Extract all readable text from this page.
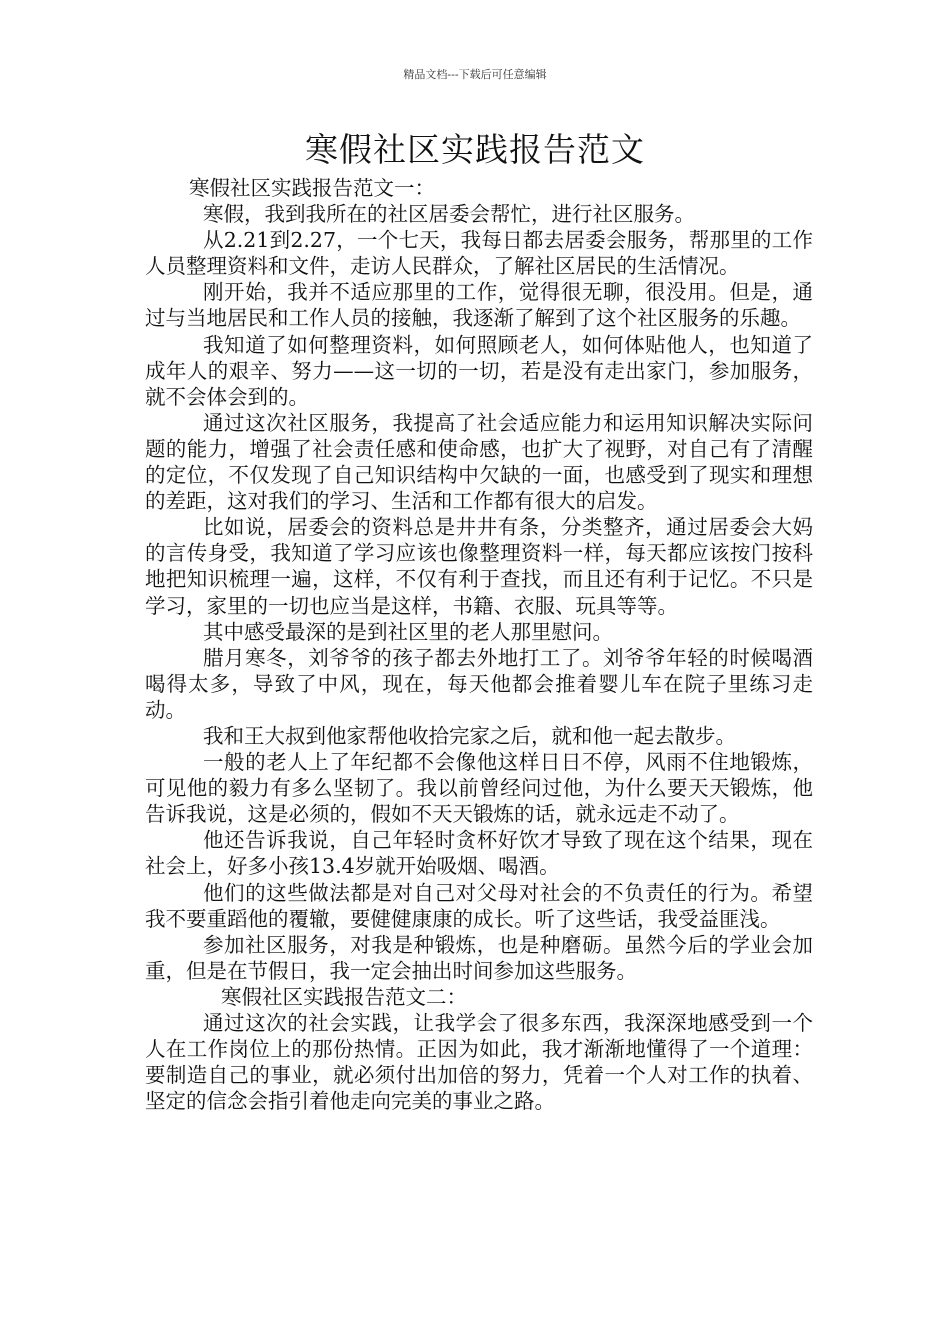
精品文档---下载后可任意编辑
寒假社区实践报告范文

寒假社区实践报告范文一：

寒假，我到我所在的社区居委会帮忙，进行社区服务。

从2.21到2.27，一个七天，我每日都去居委会服务，帮那里的工作人员整理资料和文件，走访人民群众，了解社区居民的生活情况。

刚开始，我并不适应那里的工作，觉得很无聊，很没用。但是，通过与当地居民和工作人员的接触，我逐渐了解到了这个社区服务的乐趣。

我知道了如何整理资料，如何照顾老人，如何体贴他人，也知道了成年人的艰辛、努力——这一切的一切，若是没有走出家门，参加服务，就不会体会到的。

通过这次社区服务，我提高了社会适应能力和运用知识解决实际问题的能力，增强了社会责任感和使命感，也扩大了视野，对自己有了清醒的定位，不仅发现了自己知识结构中欠缺的一面，也感受到了现实和理想的差距，这对我们的学习、生活和工作都有很大的启发。

比如说，居委会的资料总是井井有条，分类整齐，通过居委会大妈的言传身受，我知道了学习应该也像整理资料一样，每天都应该按门按科地把知识梳理一遍，这样，不仅有利于查找，而且还有利于记忆。不只是学习，家里的一切也应当是这样，书籍、衣服、玩具等等。

其中感受最深的是到社区里的老人那里慰问。

腊月寒冬，刘爷爷的孩子都去外地打工了。刘爷爷年轻的时候喝酒喝得太多，导致了中风，现在，每天他都会推着婴儿车在院子里练习走动。

我和王大叔到他家帮他收拾完家之后，就和他一起去散步。

一般的老人上了年纪都不会像他这样日日不停，风雨不住地锻炼，可见他的毅力有多么坚韧了。我以前曾经问过他，为什么要天天锻炼，他告诉我说，这是必须的，假如不天天锻炼的话，就永远走不动了。

他还告诉我说，自己年轻时贪杯好饮才导致了现在这个结果，现在社会上，好多小孩13.4岁就开始吸烟、喝酒。

他们的这些做法都是对自己对父母对社会的不负责任的行为。希望我不要重蹈他的覆辙，要健健康康的成长。听了这些话，我受益匪浅。

参加社区服务，对我是种锻炼，也是种磨砺。虽然今后的学业会加重，但是在节假日，我一定会抽出时间参加这些服务。

寒假社区实践报告范文二：

通过这次的社会实践，让我学会了很多东西，我深深地感受到一个人在工作岗位上的那份热情。正因为如此，我才渐渐地懂得了一个道理：要制造自己的事业，就必须付出加倍的努力，凭着一个人对工作的执着、坚定的信念会指引着他走向完美的事业之路。
